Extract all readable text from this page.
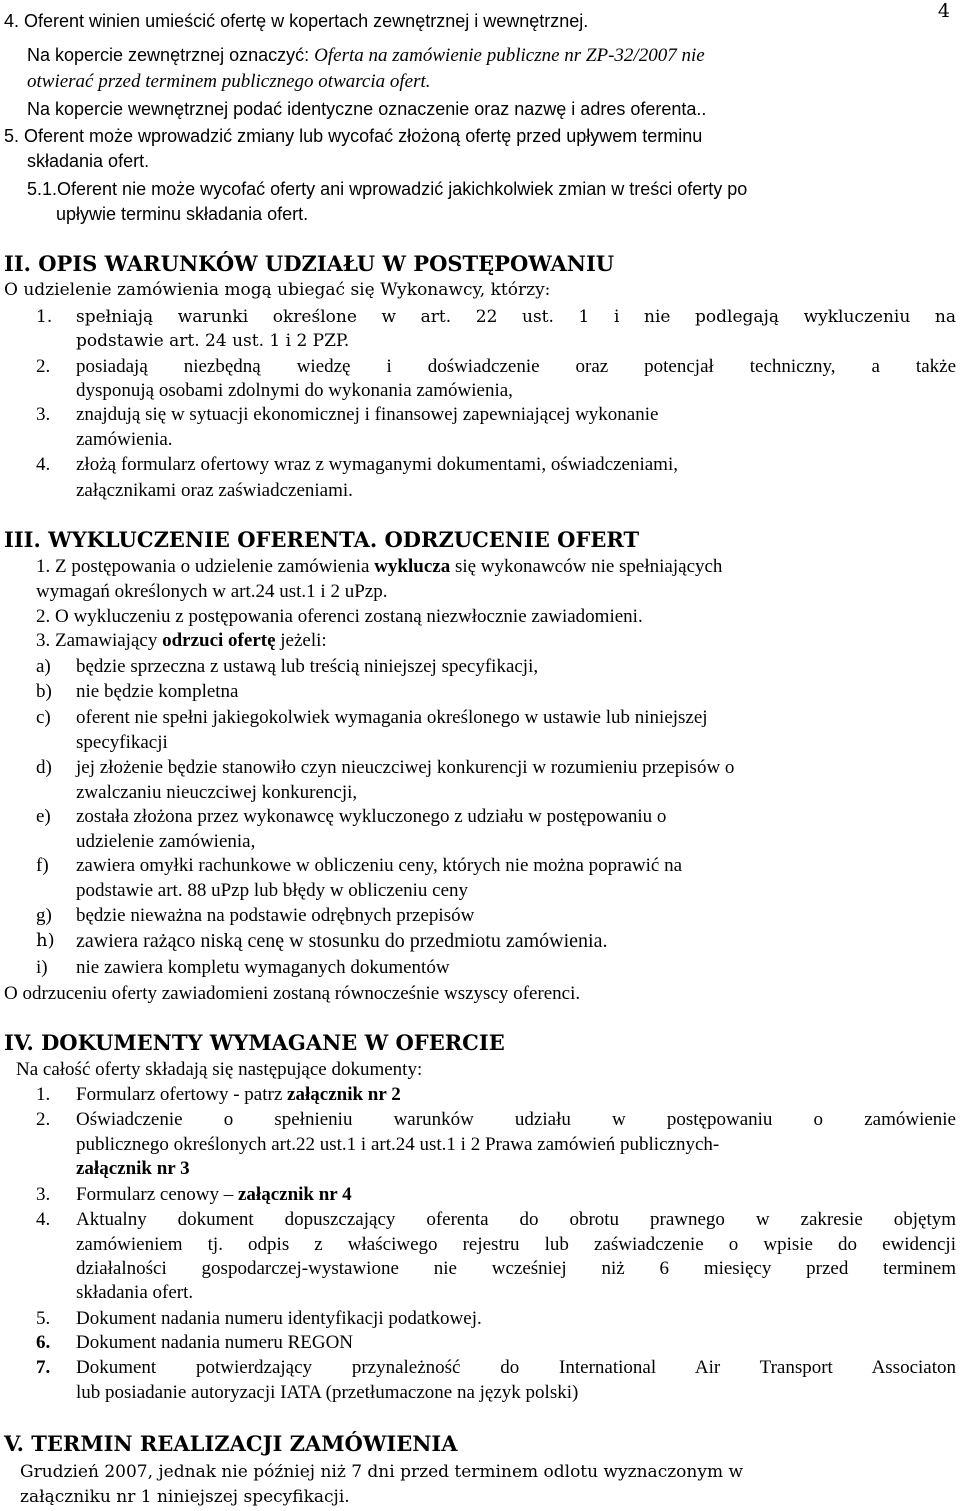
4
4. Oferent winien umieścić ofertę w kopertach zewnętrznej i wewnętrznej.
Na kopercie zewnętrznej oznaczyć: Oferta na zamówienie publiczne nr ZP-32/2007 nie
otwierać przed terminem publicznego otwarcia ofert.
Na kopercie wewnętrznej podać identyczne oznaczenie oraz nazwę i adres oferenta..
5. Oferent może wprowadzić zmiany lub wycofać złożoną ofertę przed upływem terminu
składania ofert.
5.1.Oferent nie może wycofać oferty ani wprowadzić jakichkolwiek zmian w treści oferty po
upływie terminu składania ofert.
II. OPIS WARUNKÓW UDZIAŁU W POSTĘPOWANIU
O udzielenie zamówienia mogą ubiegać się Wykonawcy, którzy:
1. spełniają warunki określone w art. 22 ust. 1 i nie podlegają wykluczeniu na
podstawie art. 24 ust. 1 i 2 PZP.
2. posiadają niezbędną wiedzę i doświadczenie oraz potencjał techniczny, a także
dysponują osobami zdolnymi do wykonania zamówienia,
3. znajdują się w sytuacji ekonomicznej i finansowej zapewniającej wykonanie
zamówienia.
4. złożą formularz ofertowy wraz z wymaganymi dokumentami, oświadczeniami,
załącznikami oraz zaświadczeniami.
III. WYKLUCZENIE OFERENTA. ODRZUCENIE OFERT
1. Z postępowania o udzielenie zamówienia wyklucza się wykonawców nie spełniających
wymagań określonych w art.24 ust.1 i 2 uPzp.
2. O wykluczeniu z postępowania oferenci zostaną niezwłocznie zawiadomieni.
3. Zamawiający odrzuci ofertę jeżeli:
a) będzie sprzeczna z ustawą lub treścią niniejszej specyfikacji,
b) nie będzie kompletna
c) oferent nie spełni jakiegokolwiek wymagania określonego w ustawie lub niniejszej
specyfikacji
d) jej złożenie będzie stanowiło czyn nieuczciwej konkurencji w rozumieniu przepisów o
zwalczaniu nieuczciwej konkurencji,
e) została złożona przez wykonawcę wykluczonego z udziału w postępowaniu o
udzielenie zamówienia,
f) zawiera omyłki rachunkowe w obliczeniu ceny, których nie można poprawić na
podstawie art. 88 uPzp lub błędy w obliczeniu ceny
g) będzie nieważna na podstawie odrębnych przepisów
h) zawiera rażąco niską cenę w stosunku do przedmiotu zamówienia.
i) nie zawiera kompletu wymaganych dokumentów
O odrzuceniu oferty zawiadomieni zostaną równocześnie wszyscy oferenci.
IV. DOKUMENTY WYMAGANE W OFERCIE
Na całość oferty składają się następujące dokumenty:
1. Formularz ofertowy - patrz załącznik nr 2
2. Oświadczenie o spełnieniu warunków udziału w postępowaniu o zamówienie
publicznego określonych art.22 ust.1 i art.24 ust.1 i 2 Prawa zamówień publicznych-
załącznik nr 3
3. Formularz cenowy – załącznik nr 4
4. Aktualny dokument dopuszczający oferenta do obrotu prawnego w zakresie objętym
zamówieniem tj. odpis z właściwego rejestru lub zaświadczenie o wpisie do ewidencji
działalności gospodarczej-wystawione nie wcześniej niż 6 miesięcy przed terminem
składania ofert.
5. Dokument nadania numeru identyfikacji podatkowej.
6. Dokument nadania numeru REGON
7. Dokument potwierdzający przynależność do International Air Transport Associaton
lub posiadanie autoryzacji IATA (przetłumaczone na język polski)
V. TERMIN REALIZACJI ZAMÓWIENIA
Grudzień 2007, jednak nie później niż 7 dni przed terminem odlotu wyznaczonym w
załączniku nr 1 niniejszej specyfikacji.
